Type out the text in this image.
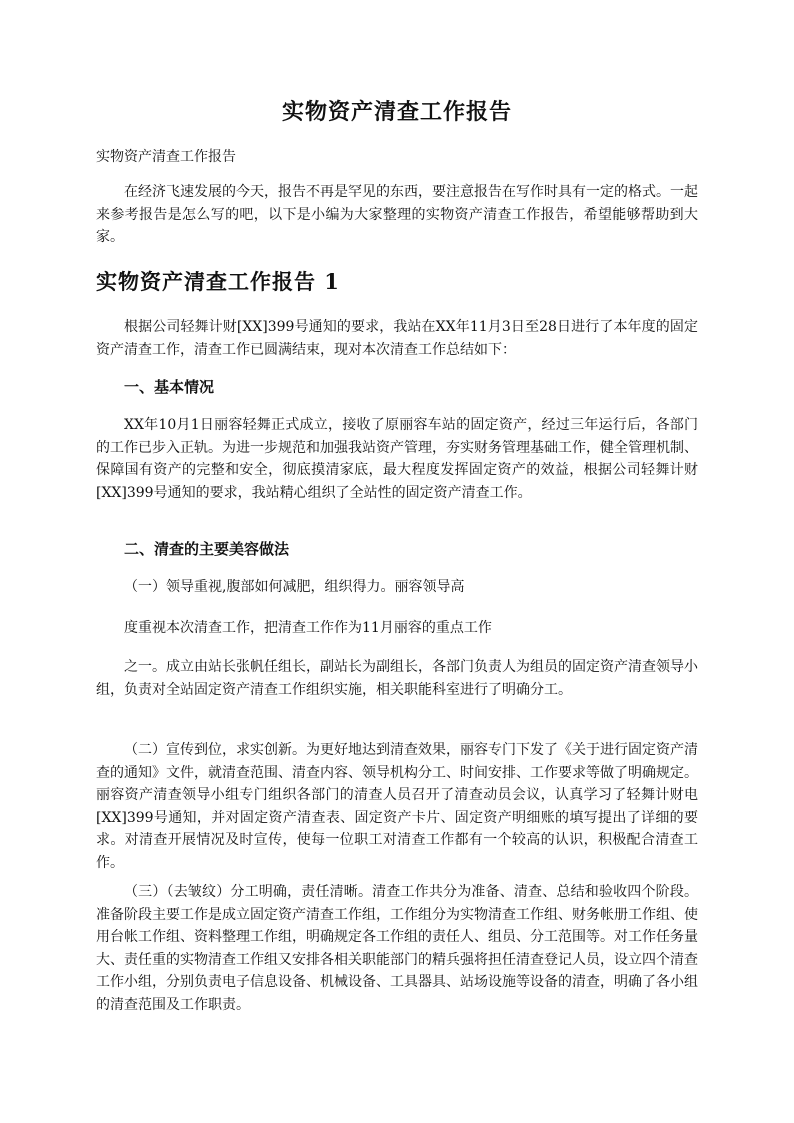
实物资产清查工作报告
实物资产清查工作报告

在经济飞速发展的今天，报告不再是罕见的东西，要注意报告在写作时具有一定的格式。一起来参考报告是怎么写的吧，以下是小编为大家整理的实物资产清查工作报告，希望能够帮助到大家。

实物资产清查工作报告 1

根据公司轻舞计财[XX]399号通知的要求，我站在XX年11月3日至28日进行了本年度的固定资产清查工作，清查工作已圆满结束，现对本次清查工作总结如下：

一、基本情况

XX年10月1日丽容轻舞正式成立，接收了原丽容车站的固定资产，经过三年运行后，各部门的工作已步入正轨。为进一步规范和加强我站资产管理，夯实财务管理基础工作，健全管理机制、保障国有资产的完整和安全，彻底摸清家底，最大程度发挥固定资产的效益，根据公司轻舞计财[XX]399号通知的要求，我站精心组织了全站性的固定资产清查工作。

二、清查的主要美容做法

（一）领导重视,腹部如何减肥，组织得力。丽容领导高

度重视本次清查工作，把清查工作作为11月丽容的重点工作

之一。成立由站长张帆任组长，副站长为副组长，各部门负责人为组员的固定资产清查领导小组，负责对全站固定资产清查工作组织实施，相关职能科室进行了明确分工。

（二）宣传到位，求实创新。为更好地达到清查效果，丽容专门下发了《关于进行固定资产清查的通知》文件，就清查范围、清查内容、领导机构分工、时间安排、工作要求等做了明确规定。丽容资产清查领导小组专门组织各部门的清查人员召开了清查动员会议，认真学习了轻舞计财电[XX]399号通知，并对固定资产清查表、固定资产卡片、固定资产明细账的填写提出了详细的要求。对清查开展情况及时宣传，使每一位职工对清查工作都有一个较高的认识，积极配合清查工作。

（三）（去皱纹）分工明确，责任清晰。清查工作共分为准备、清查、总结和验收四个阶段。准备阶段主要工作是成立固定资产清查工作组，工作组分为实物清查工作组、财务帐册工作组、使用台帐工作组、资料整理工作组，明确规定各工作组的责任人、组员、分工范围等。对工作任务量大、责任重的实物清查工作组又安排各相关职能部门的精兵强将担任清查登记人员，设立四个清查工作小组，分别负责电子信息设备、机械设备、工具器具、站场设施等设备的清查，明确了各小组的清查范围及工作职责。
